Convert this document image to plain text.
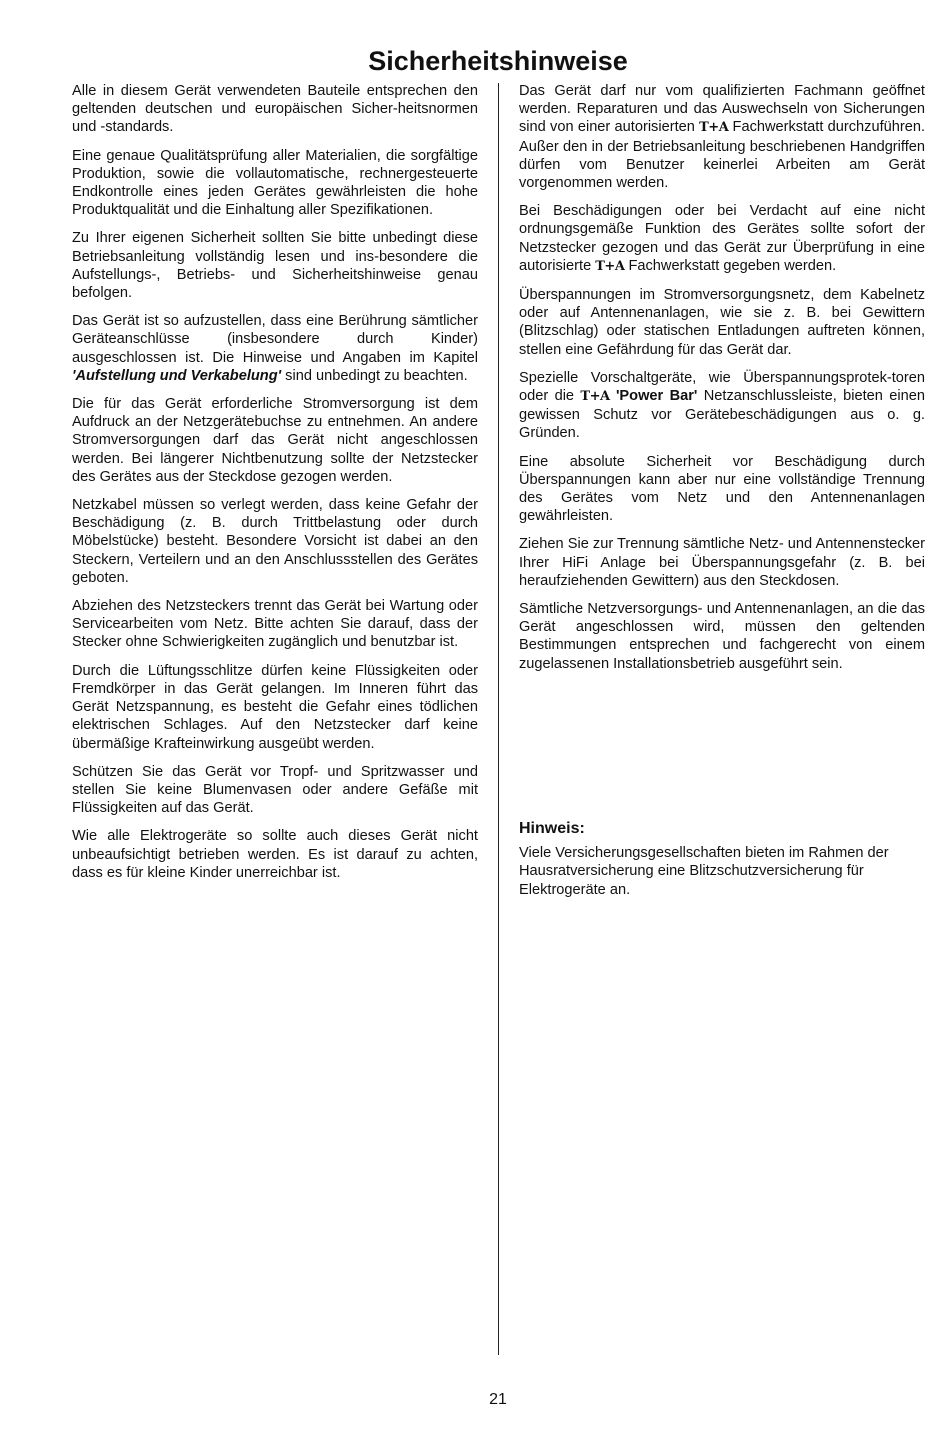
Sicherheitshinweise

Alle in diesem Gerät verwendeten Bauteile entsprechen den geltenden deutschen und europäischen Sicher-heitsnormen und -standards.

Eine genaue Qualitätsprüfung aller Materialien, die sorgfältige Produktion, sowie die vollautomatische, rechnergesteuerte Endkontrolle eines jeden Gerätes gewährleisten die hohe Produktqualität und die Einhaltung aller Spezifikationen.

Zu Ihrer eigenen Sicherheit sollten Sie bitte unbedingt diese Betriebsanleitung vollständig lesen und ins-besondere die Aufstellungs-, Betriebs- und Sicherheitshinweise genau befolgen.

Das Gerät ist so aufzustellen, dass eine Berührung sämtlicher Geräteanschlüsse (insbesondere durch Kinder) ausgeschlossen ist. Die Hinweise und Angaben im Kapitel 'Aufstellung und Verkabelung' sind unbedingt zu beachten.

Die für das Gerät erforderliche Stromversorgung ist dem Aufdruck an der Netzgerätebuchse zu entnehmen. An andere Stromversorgungen darf das Gerät nicht angeschlossen werden. Bei längerer Nichtbenutzung sollte der Netzstecker des Gerätes aus der Steckdose gezogen werden.

Netzkabel müssen so verlegt werden, dass keine Gefahr der Beschädigung (z. B. durch Trittbelastung oder durch Möbelstücke) besteht. Besondere Vorsicht ist dabei an den Steckern, Verteilern und an den Anschlussstellen des Gerätes geboten.

Abziehen des Netzsteckers trennt das Gerät bei Wartung oder Servicearbeiten vom Netz. Bitte achten Sie darauf, dass der Stecker ohne Schwierigkeiten zugänglich und benutzbar ist.

Durch die Lüftungsschlitze dürfen keine Flüssigkeiten oder Fremdkörper in das Gerät gelangen. Im Inneren führt das Gerät Netzspannung, es besteht die Gefahr eines tödlichen elektrischen Schlages. Auf den Netzstecker darf keine übermäßige Krafteinwirkung ausgeübt werden.

Schützen Sie das Gerät vor Tropf- und Spritzwasser und stellen Sie keine Blumenvasen oder andere Gefäße mit Flüssigkeiten auf das Gerät.

Wie alle Elektrogeräte so sollte auch dieses Gerät nicht unbeaufsichtigt betrieben werden. Es ist darauf zu achten, dass es für kleine Kinder unerreichbar ist.

Das Gerät darf nur vom qualifizierten Fachmann geöffnet werden. Reparaturen und das Auswechseln von Sicherungen sind von einer autorisierten T+A Fachwerkstatt durchzuführen. Außer den in der Betriebsanleitung beschriebenen Handgriffen dürfen vom Benutzer keinerlei Arbeiten am Gerät vorgenommen werden.

Bei Beschädigungen oder bei Verdacht auf eine nicht ordnungsgemäße Funktion des Gerätes sollte sofort der Netzstecker gezogen und das Gerät zur Überprüfung in eine autorisierte T+A Fachwerkstatt gegeben werden.

Überspannungen im Stromversorgungsnetz, dem Kabelnetz oder auf Antennenanlagen, wie sie z. B. bei Gewittern (Blitzschlag) oder statischen Entladungen auftreten können, stellen eine Gefährdung für das Gerät dar.

Spezielle Vorschaltgeräte, wie Überspannungsprotek-toren oder die T+A 'Power Bar' Netzanschlussleiste, bieten einen gewissen Schutz vor Gerätebeschädigungen aus o. g. Gründen.

Eine absolute Sicherheit vor Beschädigung durch Überspannungen kann aber nur eine vollständige Trennung des Gerätes vom Netz und den Antennenanlagen gewährleisten.

Ziehen Sie zur Trennung sämtliche Netz- und Antennenstecker Ihrer HiFi Anlage bei Überspannungsgefahr (z. B. bei heraufziehenden Gewittern) aus den Steckdosen.

Sämtliche Netzversorgungs- und Antennenanlagen, an die das Gerät angeschlossen wird, müssen den geltenden Bestimmungen entsprechen und fachgerecht von einem zugelassenen Installationsbetrieb ausgeführt sein.

Hinweis:

Viele Versicherungsgesellschaften bieten im Rahmen der Hausratversicherung eine Blitzschutzversicherung für Elektrogeräte an.

21
